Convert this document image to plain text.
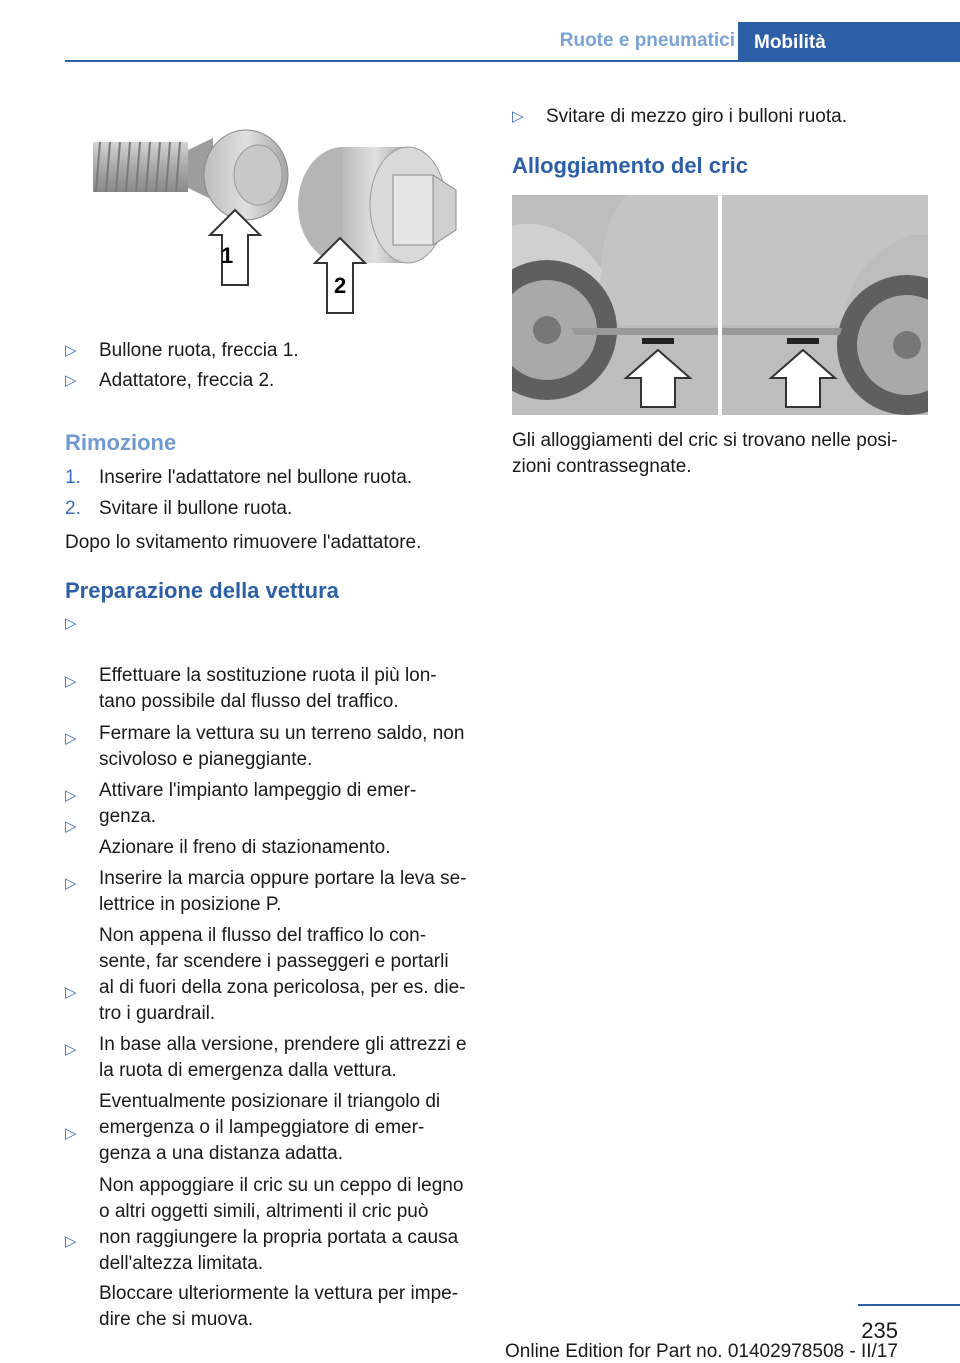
Ruote e pneumatici	Mobilità
1
2
▷	Bullone ruota, freccia 1.
▷	Adattatore, freccia 2.
Rimozione
1. Inserire l'adattatore nel bullone ruota.
2. Svitare il bullone ruota.

Dopo lo svitamento rimuovere l'adattatore.

Preparazione della vettura

▷

Effettuare la sostituzione ruota il più lon-
tano possibile dal flusso del traffico.

▷

Fermare la vettura su un terreno saldo, non
scivoloso e pianeggiante.

▷

Attivare l'impianto lampeggio di emer-
genza.

▷

Azionare il freno di stazionamento.

▷

Inserire la marcia oppure portare la leva se-
lettrice in posizione P.

▷

Non appena il flusso del traffico lo con-
sente, far scendere i passeggeri e portarli
al di fuori della zona pericolosa, per es. die-
tro i guardrail.

▷

In base alla versione, prendere gli attrezzi e
la ruota di emergenza dalla vettura.

▷

Eventualmente posizionare il triangolo di
emergenza o il lampeggiatore di emer-
genza a una distanza adatta.

▷

Non appoggiare il cric su un ceppo di legno
o altri oggetti simili, altrimenti il cric può
non raggiungere la propria portata a causa
dell'altezza limitata.

▷

Bloccare ulteriormente la vettura per impe-
dire che si muova.

▷	Svitare di mezzo giro i bulloni ruota.
Alloggiamento del cric

Gli alloggiamenti del cric si trovano nelle posi-
zioni contrassegnate.

235
Online Edition for Part no. 01402978508 - II/17
